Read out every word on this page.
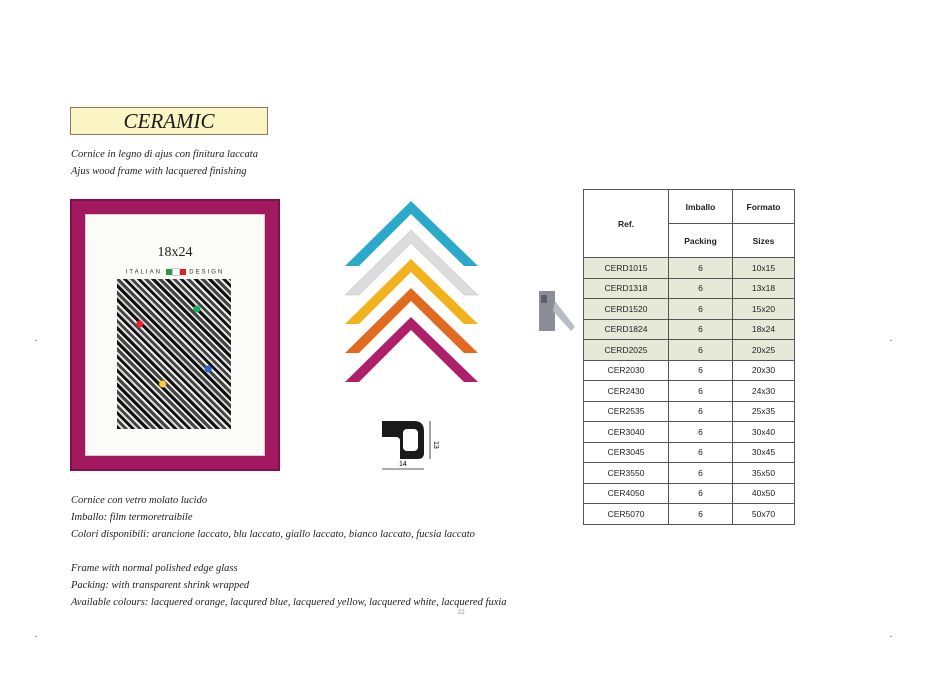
CERAMIC
Cornice in legno di ajus con finitura laccata
Ajus wood frame with lacquered finishing
18x24
ITALIAN	DESIGN
13
14
Ref.	Imballo	Formato
	Packing	Sizes
CERD1015	6	10x15
CERD1318	6	13x18
CERD1520	6	15x20
CERD1824	6	18x24
CERD2025	6	20x25
CER2030	6	20x30
CER2430	6	24x30
CER2535	6	25x35
CER3040	6	30x40
CER3045	6	30x45
CER3550	6	35x50
CER4050	6	40x50
CER5070	6	50x70
Cornice con vetro molato lucido
Imballo: film termoretraibile
Colori disponibili: arancione laccato, blu laccato, giallo laccato, bianco laccato, fucsia laccato
Frame with normal polished edge glass
Packing: with transparent shrink wrapped
Available colours: lacquered orange, lacqured blue, lacquered yellow, lacquered white, lacquered fuxia
22
